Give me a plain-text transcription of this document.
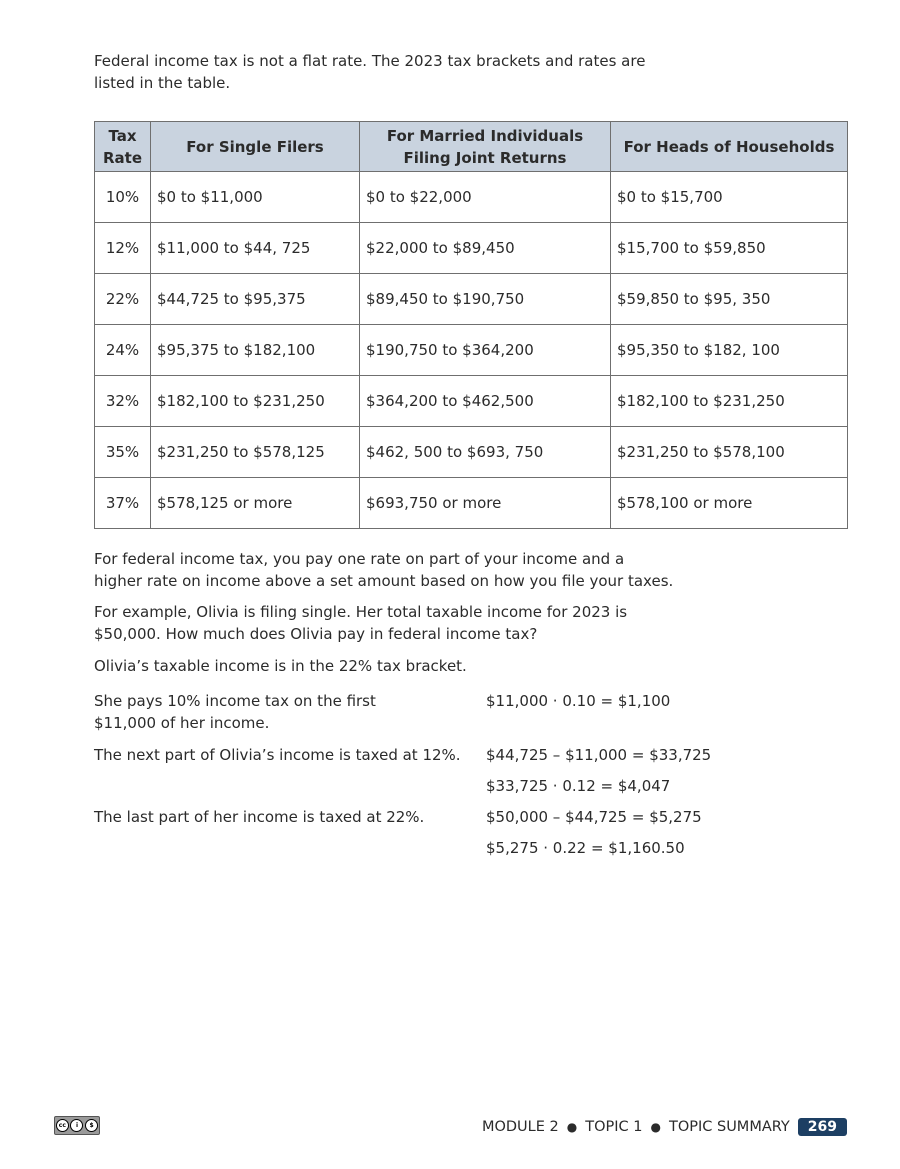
Federal income tax is not a flat rate. The 2023 tax brackets and rates are listed in the table.

Tax Rate	For Single Filers	For Married Individuals Filing Joint Returns	For Heads of Households
10%	$0 to $11,000	$0 to $22,000	$0 to $15,700
12%	$11,000 to $44, 725	$22,000 to $89,450	$15,700 to $59,850
22%	$44,725 to $95,375	$89,450 to $190,750	$59,850 to $95, 350
24%	$95,375 to $182,100	$190,750 to $364,200	$95,350 to $182, 100
32%	$182,100 to $231,250	$364,200 to $462,500	$182,100 to $231,250
35%	$231,250 to $578,125	$462, 500 to $693, 750	$231,250 to $578,100
37%	$578,125 or more	$693,750 or more	$578,100 or more

For federal income tax, you pay one rate on part of your income and a higher rate on income above a set amount based on how you file your taxes.

For example, Olivia is filing single. Her total taxable income for 2023 is $50,000. How much does Olivia pay in federal income tax?

Olivia’s taxable income is in the 22% tax bracket.

She pays 10% income tax on the first $11,000 of her income.
$11,000 · 0.10 = $1,100
The next part of Olivia’s income is taxed at 12%. $44,725 – $11,000 = $33,725
$33,725 · 0.12 = $4,047
The last part of her income is taxed at 22%.	$50,000 – $44,725 = $5,275
$5,275 · 0.22 = $1,160.50
cc	i	$	MODULE 2 ● TOPIC 1 ● TOPIC SUMMARY	269
